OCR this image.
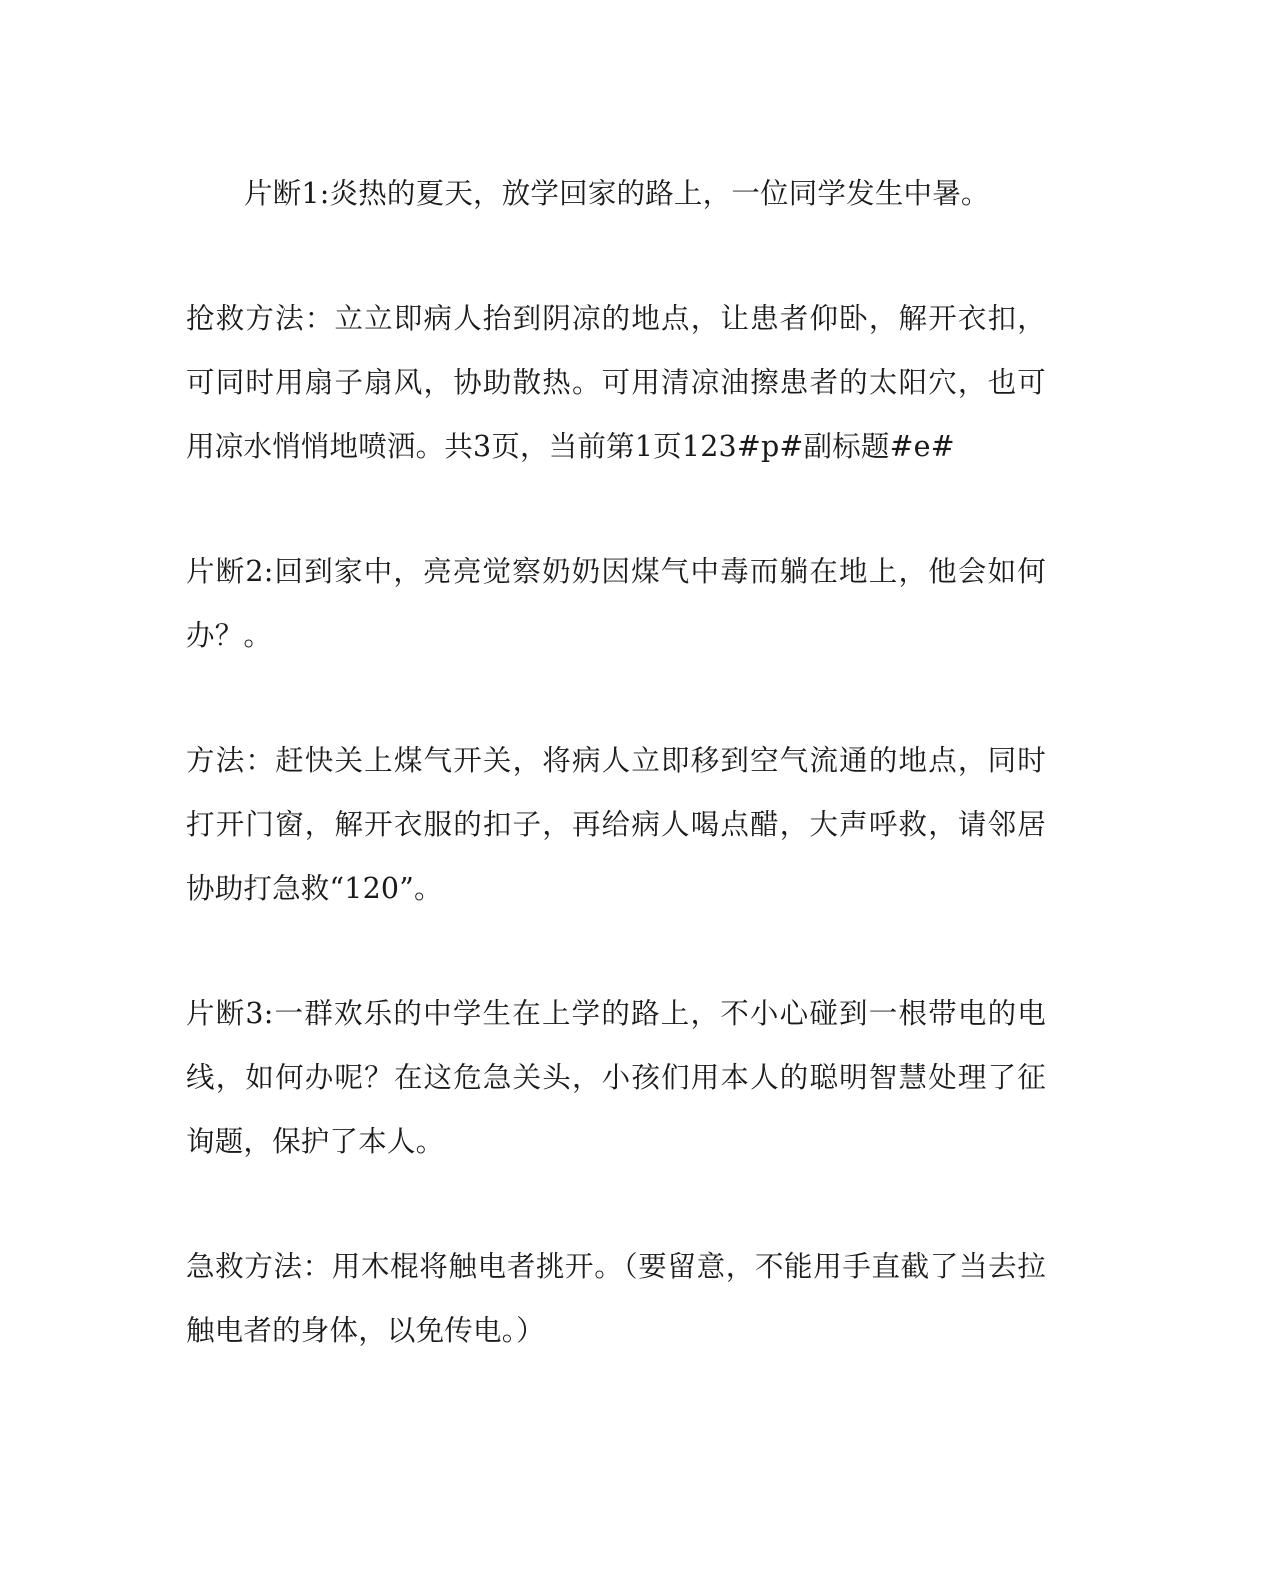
片断1:炎热的夏天，放学回家的路上，一位同学发生中暑。

抢救方法：立立即病人抬到阴凉的地点，让患者仰卧，解开衣扣，可同时用扇子扇风，协助散热。可用清凉油擦患者的太阳穴，也可用凉水悄悄地喷洒。共3页，当前第1页123#p#副标题#e#

片断2:回到家中，亮亮觉察奶奶因煤气中毒而躺在地上，他会如何办？。

方法：赶快关上煤气开关，将病人立即移到空气流通的地点，同时打开门窗，解开衣服的扣子，再给病人喝点醋，大声呼救，请邻居协助打急救“120”。

片断3:一群欢乐的中学生在上学的路上，不小心碰到一根带电的电线，如何办呢？在这危急关头，小孩们用本人的聪明智慧处理了征询题，保护了本人。

急救方法：用木棍将触电者挑开。（要留意，不能用手直截了当去拉触电者的身体，以免传电。）
